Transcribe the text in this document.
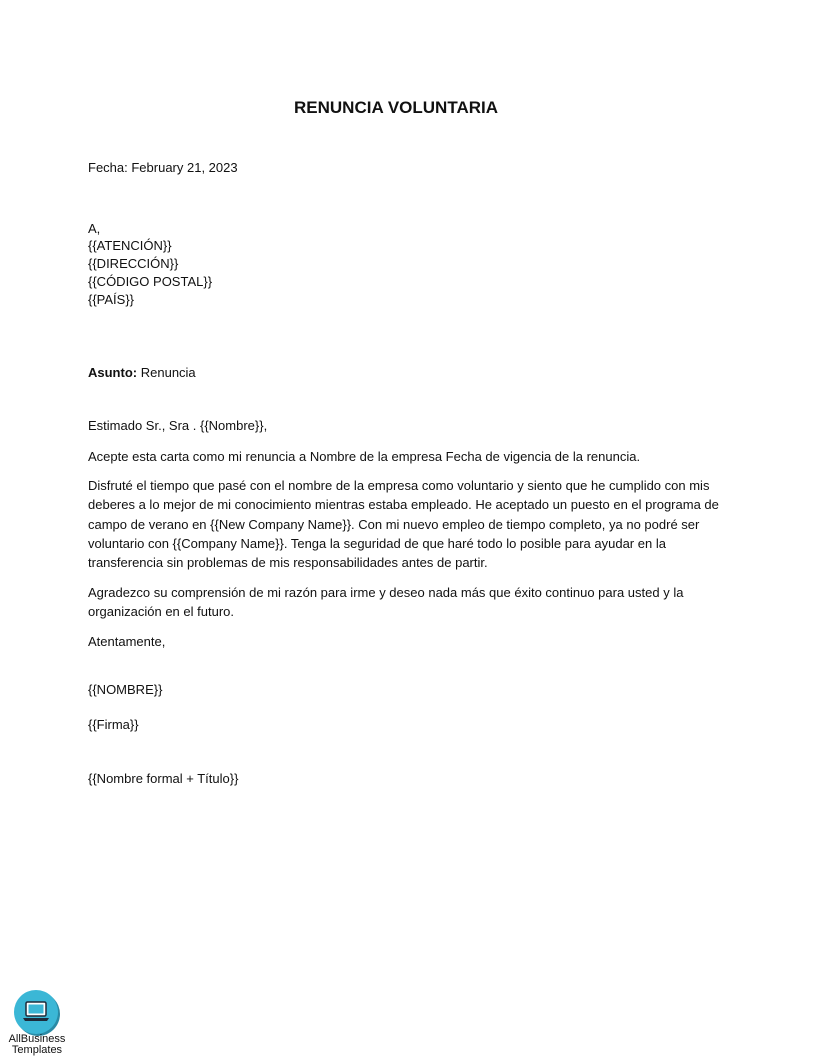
RENUNCIA VOLUNTARIA
Fecha: February 21, 2023
A,
{{ATENCIÓN}}
{{DIRECCIÓN}}
{{CÓDIGO POSTAL}}
{{PAÍS}}
Asunto: Renuncia
Estimado Sr., Sra . {{Nombre}},
Acepte esta carta como mi renuncia a Nombre de la empresa Fecha de vigencia de la renuncia.
Disfruté el tiempo que pasé con el nombre de la empresa como voluntario y siento que he cumplido con mis deberes a lo mejor de mi conocimiento mientras estaba empleado. He aceptado un puesto en el programa de campo de verano en {{New Company Name}}. Con mi nuevo empleo de tiempo completo, ya no podré ser voluntario con {{Company Name}}. Tenga la seguridad de que haré todo lo posible para ayudar en la transferencia sin problemas de mis responsabilidades antes de partir.
Agradezco su comprensión de mi razón para irme y deseo nada más que éxito continuo para usted y la organización en el futuro.
Atentamente,
{{NOMBRE}}
{{Firma}}
{{Nombre formal + Título}}
AllBusiness
Templates
